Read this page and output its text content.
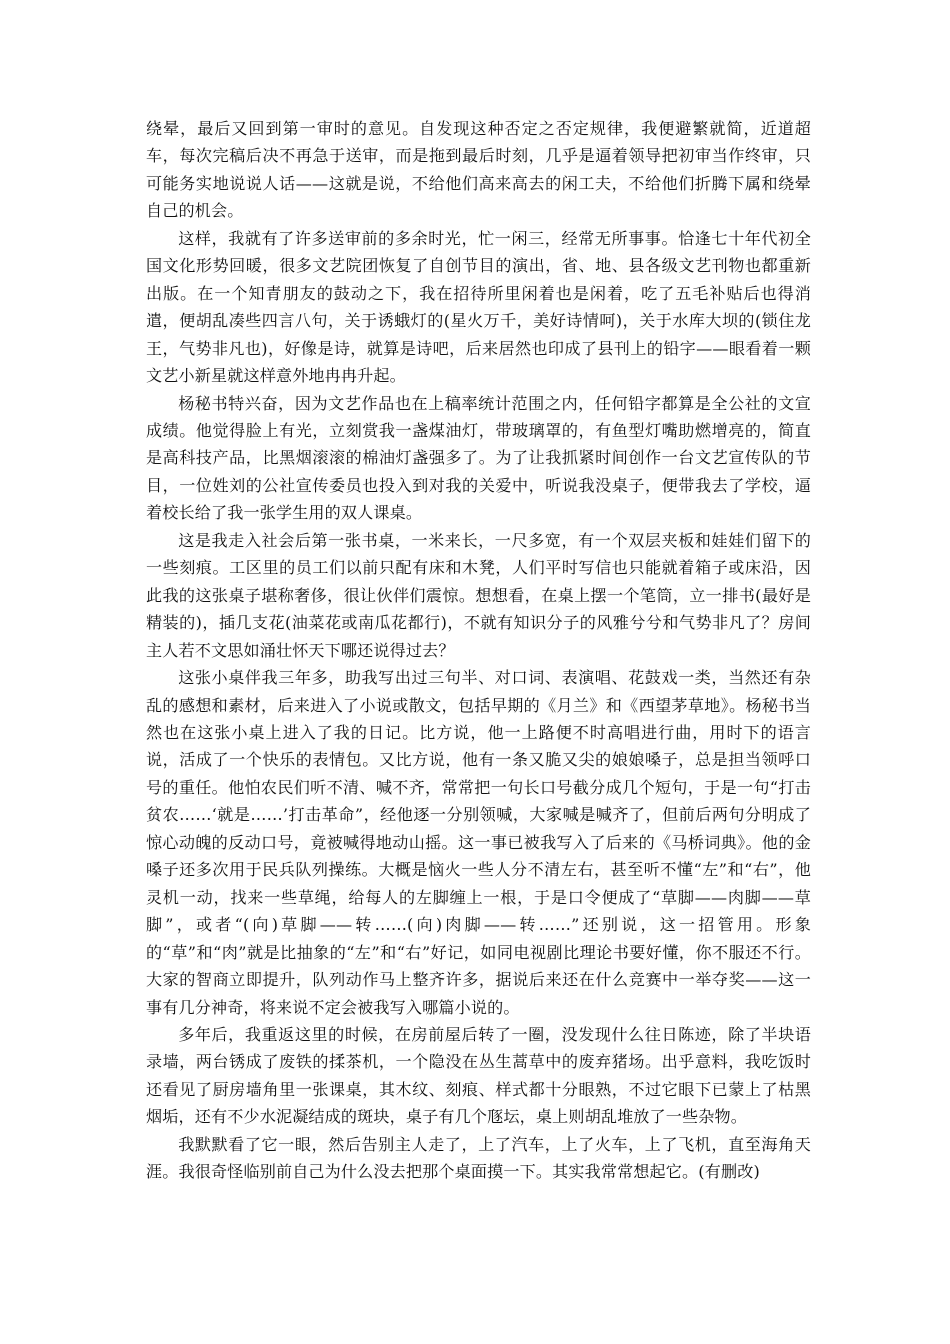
绕晕，最后又回到第一审时的意见。自发现这种否定之否定规律，我便避繁就简，近道超车，每次完稿后决不再急于送审，而是拖到最后时刻，几乎是逼着领导把初审当作终审，只可能务实地说说人话——这就是说，不给他们高来高去的闲工夫，不给他们折腾下属和绕晕自己的机会。

这样，我就有了许多送审前的多余时光，忙一闲三，经常无所事事。恰逢七十年代初全国文化形势回暖，很多文艺院团恢复了自创节目的演出，省、地、县各级文艺刊物也都重新出版。在一个知青朋友的鼓动之下，我在招待所里闲着也是闲着，吃了五毛补贴后也得消遣，便胡乱凑些四言八句，关于诱蛾灯的(星火万千，美好诗情呵)，关于水库大坝的(锁住龙王，气势非凡也)，好像是诗，就算是诗吧，后来居然也印成了县刊上的铅字——眼看着一颗文艺小新星就这样意外地冉冉升起。

杨秘书特兴奋，因为文艺作品也在上稿率统计范围之内，任何铅字都算是全公社的文宣成绩。他觉得脸上有光，立刻赏我一盏煤油灯，带玻璃罩的，有鱼型灯嘴助燃增亮的，简直是高科技产品，比黑烟滚滚的棉油灯盏强多了。为了让我抓紧时间创作一台文艺宣传队的节目，一位姓刘的公社宣传委员也投入到对我的关爱中，听说我没桌子，便带我去了学校，逼着校长给了我一张学生用的双人课桌。

这是我走入社会后第一张书桌，一米来长，一尺多宽，有一个双层夹板和娃娃们留下的一些刻痕。工区里的员工们以前只配有床和木凳，人们平时写信也只能就着箱子或床沿，因此我的这张桌子堪称奢侈，很让伙伴们震惊。想想看，在桌上摆一个笔筒，立一排书(最好是精装的)，插几支花(油菜花或南瓜花都行)，不就有知识分子的风雅兮兮和气势非凡了？房间主人若不文思如涌壮怀天下哪还说得过去？

这张小桌伴我三年多，助我写出过三句半、对口词、表演唱、花鼓戏一类，当然还有杂乱的感想和素材，后来进入了小说或散文，包括早期的《月兰》和《西望茅草地》。杨秘书当然也在这张小桌上进入了我的日记。比方说，他一上路便不时高唱进行曲，用时下的语言说，活成了一个快乐的表情包。又比方说，他有一条又脆又尖的娘娘嗓子，总是担当领呼口号的重任。他怕农民们听不清、喊不齐，常常把一句长口号截分成几个短句，于是一句“打击贫农……‘就是……’打击革命”，经他逐一分别领喊，大家喊是喊齐了，但前后两句分明成了惊心动魄的反动口号，竟被喊得地动山摇。这一事已被我写入了后来的《马桥词典》。他的金嗓子还多次用于民兵队列操练。大概是恼火一些人分不清左右，甚至听不懂“左”和“右”，他灵机一动，找来一些草绳，给每人的左脚缠上一根，于是口令便成了“草脚——肉脚——草脚”，或者“(向)草脚——转……(向)肉脚——转……”还别说，这一招管用。形象的“草”和“肉”就是比抽象的“左”和“右”好记，如同电视剧比理论书要好懂，你不服还不行。大家的智商立即提升，队列动作马上整齐许多，据说后来还在什么竞赛中一举夺奖——这一事有几分神奇，将来说不定会被我写入哪篇小说的。

多年后，我重返这里的时候，在房前屋后转了一圈，没发现什么往日陈迹，除了半块语录墙，两台锈成了废铁的揉茶机，一个隐没在丛生蒿草中的废弃猪场。出乎意料，我吃饭时还看见了厨房墙角里一张课桌，其木纹、刻痕、样式都十分眼熟，不过它眼下已蒙上了枯黑烟垢，还有不少水泥凝结成的斑块，桌子有几个豗坛，桌上则胡乱堆放了一些杂物。

我默默看了它一眼，然后告别主人走了，上了汽车，上了火车，上了飞机，直至海角天涯。我很奇怪临别前自己为什么没去把那个桌面摸一下。其实我常常想起它。(有删改)
